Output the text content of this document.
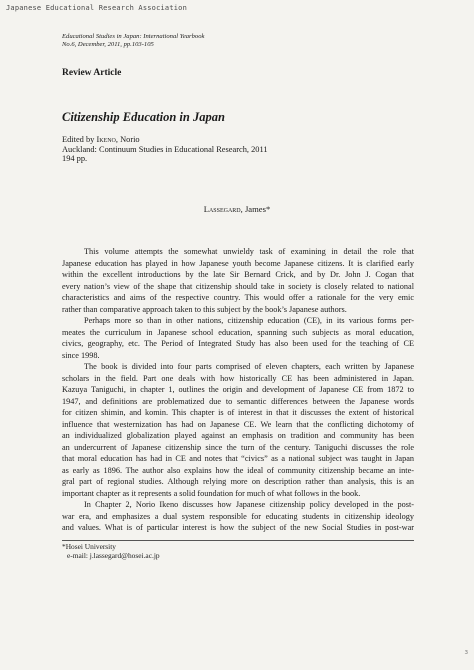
Japanese Educational Research Association
Educational Studies in Japan: International Yearbook
No.6, December, 2011, pp.103-105
Review Article
Citizenship Education in Japan
Edited by Ikeno, Norio
Auckland: Continuum Studies in Educational Research, 2011
194 pp.
Lassegard, James*
This volume attempts the somewhat unwieldy task of examining in detail the role that
Japanese education has played in how Japanese youth become Japanese citizens. It is clarified early
within the excellent introductions by the late Sir Bernard Crick, and by Dr. John J. Cogan that
every nation’s view of the shape that citizenship should take in society is closely related to national
characteristics and aims of the respective country. This would offer a rationale for the very emic
rather than comparative approach taken to this subject by the book’s Japanese authors.
Perhaps more so than in other nations, citizenship education (CE), in its various forms per-
meates the curriculum in Japanese school education, spanning such subjects as moral education,
civics, geography, etc. The Period of Integrated Study has also been used for the teaching of CE
since 1998.
The book is divided into four parts comprised of eleven chapters, each written by Japanese
scholars in the field. Part one deals with how historically CE has been administered in Japan.
Kazuya Taniguchi, in chapter 1, outlines the origin and development of Japanese CE from 1872 to
1947, and definitions are problematized due to semantic differences between the Japanese words
for citizen shimin, and komin. This chapter is of interest in that it discusses the extent of historical
influence that westernization has had on Japanese CE. We learn that the conflicting dichotomy of
an individualized globalization played against an emphasis on tradition and community has been
an undercurrent of Japanese citizenship since the turn of the century. Taniguchi discusses the role
that moral education has had in CE and notes that “civics” as a national subject was taught in Japan
as early as 1896. The author also explains how the ideal of community citizenship became an inte-
gral part of regional studies. Although relying more on description rather than analysis, this is an
important chapter as it represents a solid foundation for much of what follows in the book.
In Chapter 2, Norio Ikeno discusses how Japanese citizenship policy developed in the post-
war era, and emphasizes a dual system responsible for educating students in citizenship ideology
and values. What is of particular interest is how the subject of the new Social Studies in post-war
*Hosei University
e-mail: j.lassegard@hosei.ac.jp
3
